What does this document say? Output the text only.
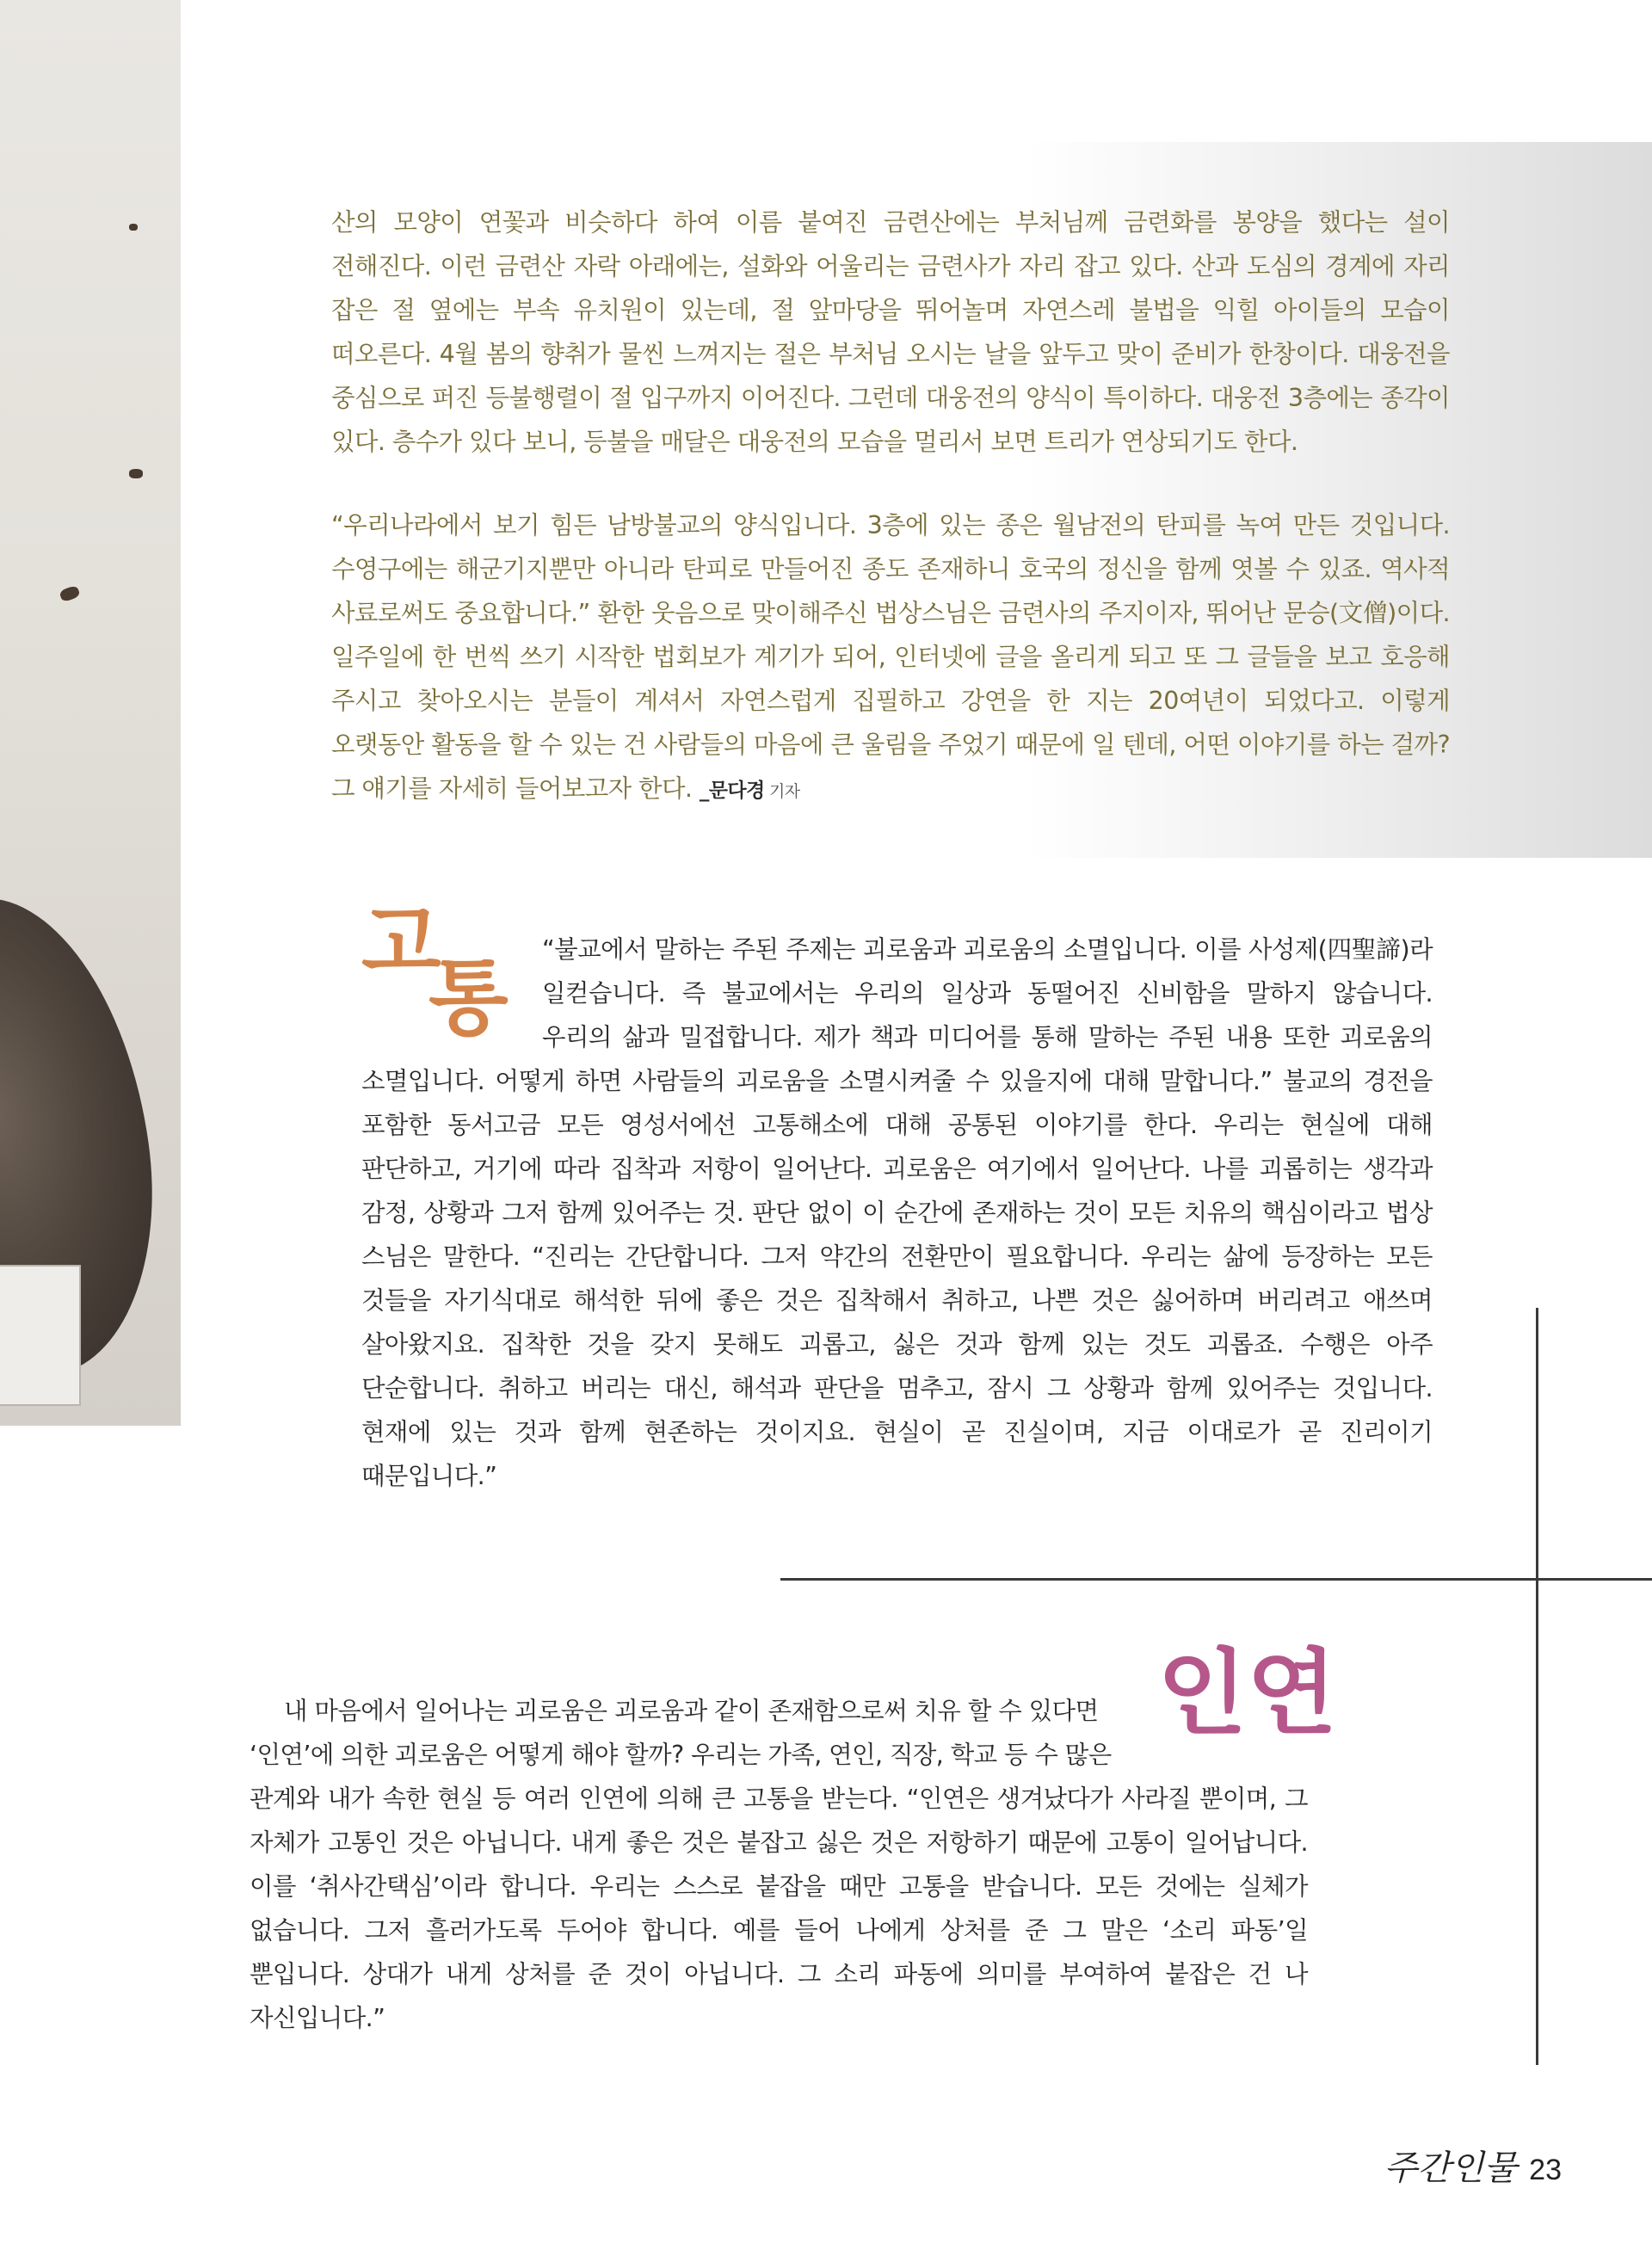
산의 모양이 연꽃과 비슷하다 하여 이름 붙여진 금련산에는 부처님께 금련화를 봉양을 했다는 설이 전해진다. 이런 금련산 자락 아래에는, 설화와 어울리는 금련사가 자리 잡고 있다. 산과 도심의 경계에 자리 잡은 절 옆에는 부속 유치원이 있는데, 절 앞마당을 뛰어놀며 자연스레 불법을 익힐 아이들의 모습이 떠오른다. 4월 봄의 향취가 물씬 느껴지는 절은 부처님 오시는 날을 앞두고 맞이 준비가 한창이다. 대웅전을 중심으로 퍼진 등불행렬이 절 입구까지 이어진다. 그런데 대웅전의 양식이 특이하다. 대웅전 3층에는 종각이 있다. 층수가 있다 보니, 등불을 매달은 대웅전의 모습을 멀리서 보면 트리가 연상되기도 한다.

“우리나라에서 보기 힘든 남방불교의 양식입니다. 3층에 있는 종은 월남전의 탄피를 녹여 만든 것입니다. 수영구에는 해군기지뿐만 아니라 탄피로 만들어진 종도 존재하니 호국의 정신을 함께 엿볼 수 있죠. 역사적 사료로써도 중요합니다.” 환한 웃음으로 맞이해주신 법상스님은 금련사의 주지이자, 뛰어난 문승(文僧)이다. 일주일에 한 번씩 쓰기 시작한 법회보가 계기가 되어, 인터넷에 글을 올리게 되고 또 그 글들을 보고 호응해 주시고 찾아오시는 분들이 계셔서 자연스럽게 집필하고 강연을 한 지는 20여년이 되었다고. 이렇게 오랫동안 활동을 할 수 있는 건 사람들의 마음에 큰 울림을 주었기 때문에 일 텐데, 어떤 이야기를 하는 걸까? 그 얘기를 자세히 들어보고자 한다. _문다경 기자

고
통	“불교에서 말하는 주된 주제는 괴로움과 괴로움의 소멸입니다. 이를 사성제(四聖諦)라 일컫습니다. 즉 불교에서는 우리의 일상과 동떨어진 신비함을 말하지 않습니다. 우리의 삶과 밀접합니다. 제가 책과 미디어를 통해 말하는 주된 내용 또한 괴로움의 소멸입니다. 어떻게 하면 사람들의 괴로움을 소멸시켜줄 수 있을지에 대해 말합니다.” 불교의 경전을 포함한 동서고금 모든 영성서에선 고통해소에 대해 공통된 이야기를 한다. 우리는 현실에 대해 판단하고, 거기에 따라 집착과 저항이 일어난다. 괴로움은 여기에서 일어난다. 나를 괴롭히는 생각과 감정, 상황과 그저 함께 있어주는 것. 판단 없이 이 순간에 존재하는 것이 모든 치유의 핵심이라고 법상 스님은 말한다. “진리는 간단합니다. 그저 약간의 전환만이 필요합니다. 우리는 삶에 등장하는 모든 것들을 자기식대로 해석한 뒤에 좋은 것은 집착해서 취하고, 나쁜 것은 싫어하며 버리려고 애쓰며 살아왔지요. 집착한 것을 갖지 못해도 괴롭고, 싫은 것과 함께 있는 것도 괴롭죠. 수행은 아주 단순합니다. 취하고 버리는 대신, 해석과 판단을 멈추고, 잠시 그 상황과 함께 있어주는 것입니다. 현재에 있는 것과 함께 현존하는 것이지요. 현실이 곧 진실이며, 지금 이대로가 곧 진리이기 때문입니다.”

인연

내 마음에서 일어나는 괴로움은 괴로움과 같이 존재함으로써 치유 할 수 있다면
‘인연’에 의한 괴로움은 어떻게 해야 할까? 우리는 가족, 연인, 직장, 학교 등 수 많은

관계와 내가 속한 현실 등 여러 인연에 의해 큰 고통을 받는다. “인연은 생겨났다가 사라질 뿐이며, 그 자체가 고통인 것은 아닙니다. 내게 좋은 것은 붙잡고 싫은 것은 저항하기 때문에 고통이 일어납니다. 이를 ‘취사간택심’이라 합니다. 우리는 스스로 붙잡을 때만 고통을 받습니다. 모든 것에는 실체가 없습니다. 그저 흘러가도록 두어야 합니다. 예를 들어 나에게 상처를 준 그 말은 ‘소리 파동’일 뿐입니다. 상대가 내게 상처를 준 것이 아닙니다. 그 소리 파동에 의미를 부여하여 붙잡은 건 나 자신입니다.”

주간인물 23
